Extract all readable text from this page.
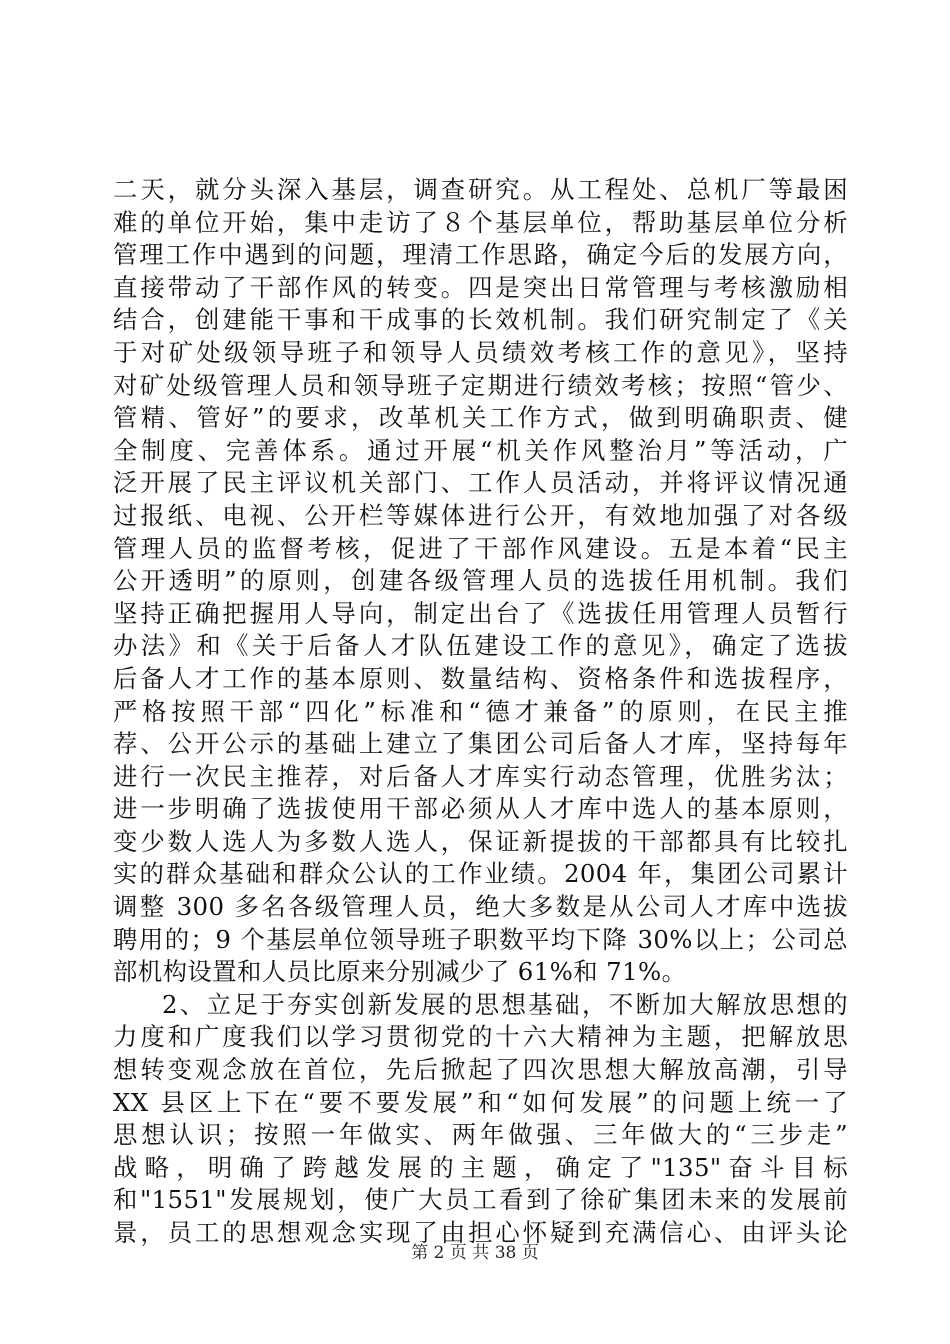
二天，就分头深入基层，调查研究。从工程处、总机厂等最困
难的单位开始，集中走访了８个基层单位，帮助基层单位分析
管理工作中遇到的问题，理清工作思路，确定今后的发展方向，
直接带动了干部作风的转变。四是突出日常管理与考核激励相
结合，创建能干事和干成事的长效机制。我们研究制定了《关
于对矿处级领导班子和领导人员绩效考核工作的意见》，坚持
对矿处级管理人员和领导班子定期进行绩效考核；按照“管少、
管精、管好”的要求，改革机关工作方式，做到明确职责、健
全制度、完善体系。通过开展“机关作风整治月”等活动，广
泛开展了民主评议机关部门、工作人员活动，并将评议情况通
过报纸、电视、公开栏等媒体进行公开，有效地加强了对各级
管理人员的监督考核，促进了干部作风建设。五是本着“民主
公开透明”的原则，创建各级管理人员的选拔任用机制。我们
坚持正确把握用人导向，制定出台了《选拔任用管理人员暂行
办法》和《关于后备人才队伍建设工作的意见》，确定了选拔
后备人才工作的基本原则、数量结构、资格条件和选拔程序，
严格按照干部“四化”标准和“德才兼备”的原则，在民主推
荐、公开公示的基础上建立了集团公司后备人才库，坚持每年
进行一次民主推荐，对后备人才库实行动态管理，优胜劣汰；
进一步明确了选拔使用干部必须从人才库中选人的基本原则，
变少数人选人为多数人选人，保证新提拔的干部都具有比较扎
实的群众基础和群众公认的工作业绩。2004 年，集团公司累计
调整 300 多名各级管理人员，绝大多数是从公司人才库中选拔
聘用的；9 个基层单位领导班子职数平均下降 30%以上；公司总
部机构设置和人员比原来分别减少了 61%和 71%。
2、立足于夯实创新发展的思想基础，不断加大解放思想的
力度和广度我们以学习贯彻党的十六大精神为主题，把解放思
想转变观念放在首位，先后掀起了四次思想大解放高潮，引导
XX 县区上下在“要不要发展”和“如何发展”的问题上统一了
思想认识；按照一年做实、两年做强、三年做大的“三步走”
战略，明确了跨越发展的主题，确定了"135"奋斗目标
和"1551"发展规划，使广大员工看到了徐矿集团未来的发展前
景，员工的思想观念实现了由担心怀疑到充满信心、由评头论
第 2 页 共 38 页
